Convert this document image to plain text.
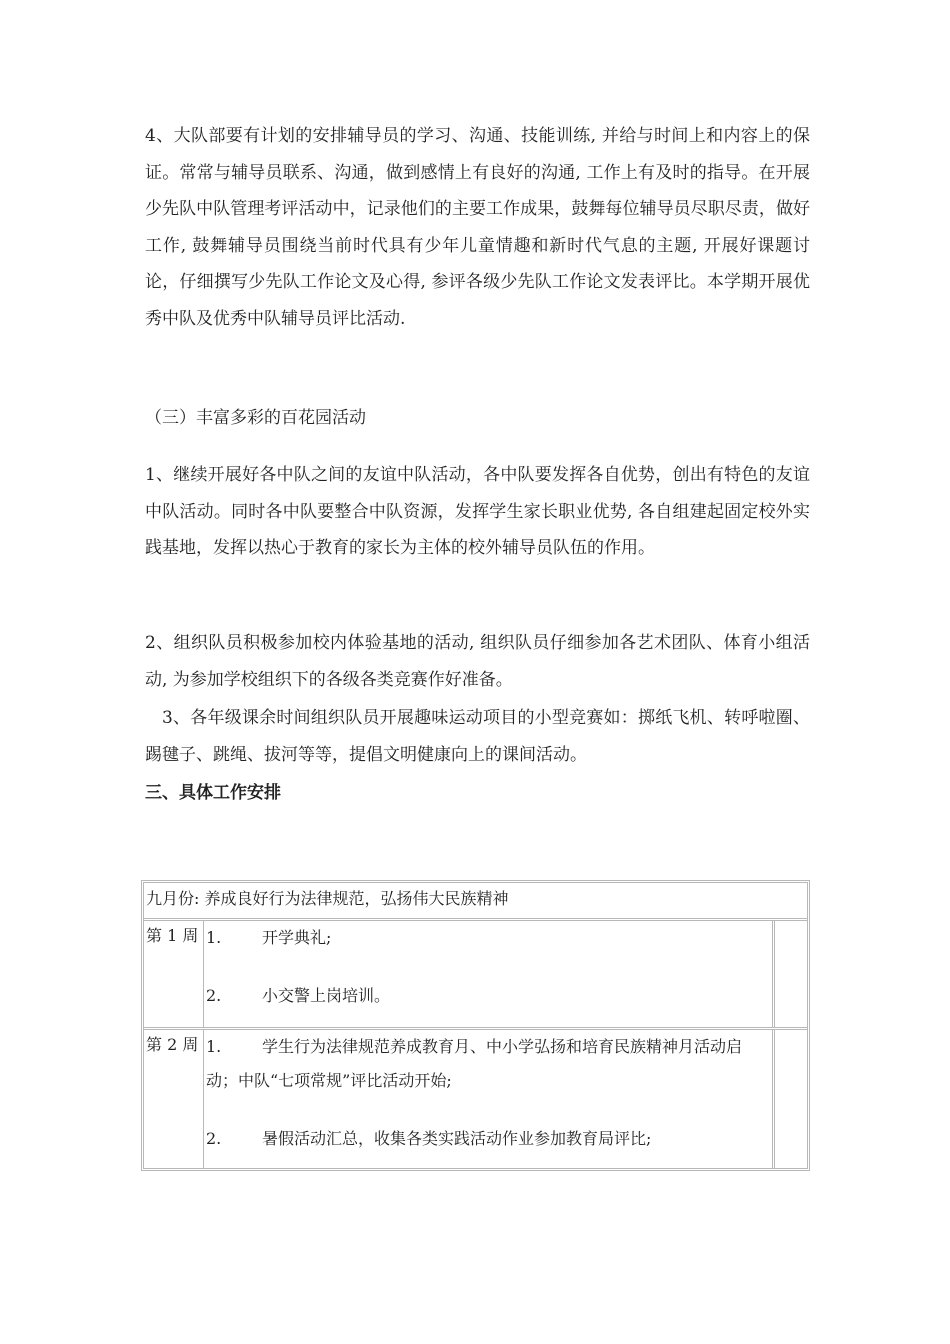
4、大队部要有计划的安排辅导员的学习、沟通、技能训练, 并给与时间上和内容上的保证。常常与辅导员联系、沟通，做到感情上有良好的沟通, 工作上有及时的指导。在开展少先队中队管理考评活动中，记录他们的主要工作成果，鼓舞每位辅导员尽职尽责，做好工作, 鼓舞辅导员围绕当前时代具有少年儿童情趣和新时代气息的主题, 开展好课题讨论，仔细撰写少先队工作论文及心得, 参评各级少先队工作论文发表评比。本学期开展优秀中队及优秀中队辅导员评比活动.

（三）丰富多彩的百花园活动

1、继续开展好各中队之间的友谊中队活动，各中队要发挥各自优势，创出有特色的友谊中队活动。同时各中队要整合中队资源，发挥学生家长职业优势, 各自组建起固定校外实践基地，发挥以热心于教育的家长为主体的校外辅导员队伍的作用。

2、组织队员积极参加校内体验基地的活动, 组织队员仔细参加各艺术团队、体育小组活动, 为参加学校组织下的各级各类竞赛作好准备。

3、各年级课余时间组织队员开展趣味运动项目的小型竞赛如：掷纸飞机、转呼啦圈、踢毽子、跳绳、拔河等等，提倡文明健康向上的课间活动。

三、具体工作安排

九月份: 养成良好行为法律规范，弘扬伟大民族精神
第 1 周 1.	开学典礼;
2.	小交警上岗培训。
第 2 周 1.	学生行为法律规范养成教育月、中小学弘扬和培育民族精神月活动启动；中队“七项常规”评比活动开始;
2.	暑假活动汇总，收集各类实践活动作业参加教育局评比;
